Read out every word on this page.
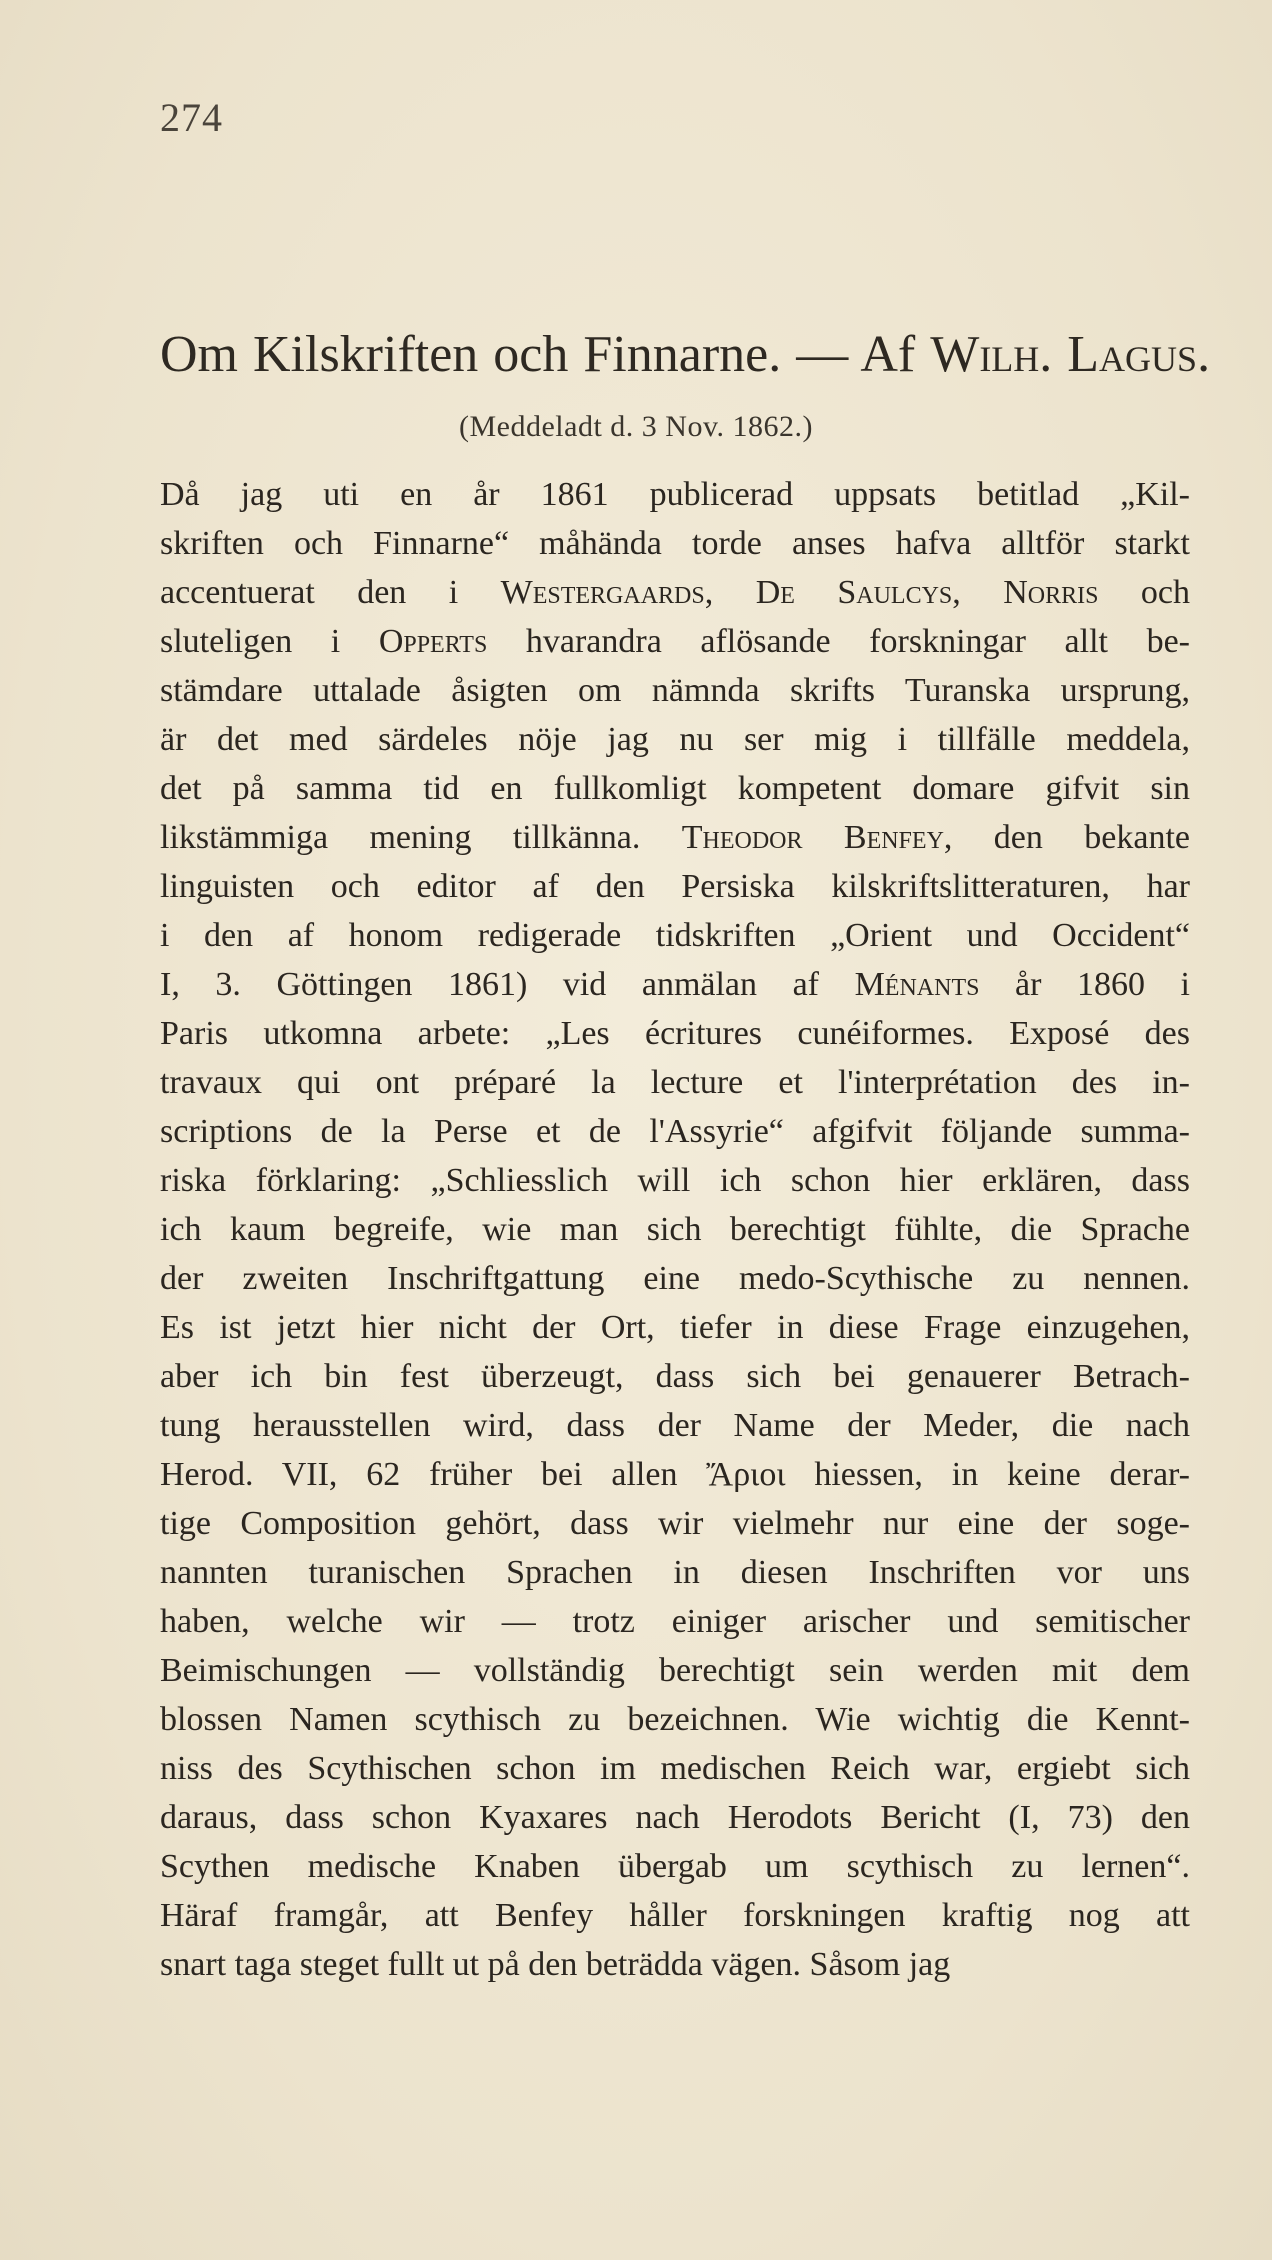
274
Om Kilskriften och Finnarne. — Af Wilh. Lagus.
(Meddeladt d. 3 Nov. 1862.)
Då jag uti en år 1861 publicerad uppsats betitlad „Kil-
skriften och Finnarne“ måhända torde anses hafva alltför starkt
accentuerat den i Westergaards, De Saulcys, Norris och
sluteligen i Opperts hvarandra aflösande forskningar allt be-
stämdare uttalade åsigten om nämnda skrifts Turanska ursprung,
är det med särdeles nöje jag nu ser mig i tillfälle meddela,
det på samma tid en fullkomligt kompetent domare gifvit sin
likstämmiga mening tillkänna. Theodor Benfey, den bekante
linguisten och editor af den Persiska kilskriftslitteraturen, har
i den af honom redigerade tidskriften „Orient und Occident“
I, 3. Göttingen 1861) vid anmälan af Ménants år 1860 i
Paris utkomna arbete: „Les écritures cunéiformes. Exposé des
travaux qui ont préparé la lecture et l'interprétation des in-
scriptions de la Perse et de l'Assyrie“ afgifvit följande summa-
riska förklaring: „Schliesslich will ich schon hier erklären, dass
ich kaum begreife, wie man sich berechtigt fühlte, die Sprache
der zweiten Inschriftgattung eine medo-Scythische zu nennen.
Es ist jetzt hier nicht der Ort, tiefer in diese Frage einzugehen,
aber ich bin fest überzeugt, dass sich bei genauerer Betrach-
tung herausstellen wird, dass der Name der Meder, die nach
Herod. VII, 62 früher bei allen Ἄριοι hiessen, in keine derar-
tige Composition gehört, dass wir vielmehr nur eine der soge-
nannten turanischen Sprachen in diesen Inschriften vor uns
haben, welche wir — trotz einiger arischer und semitischer
Beimischungen — vollständig berechtigt sein werden mit dem
blossen Namen scythisch zu bezeichnen. Wie wichtig die Kennt-
niss des Scythischen schon im medischen Reich war, ergiebt sich
daraus, dass schon Kyaxares nach Herodots Bericht (I, 73) den
Scythen medische Knaben übergab um scythisch zu lernen“.
Häraf framgår, att Benfey håller forskningen kraftig nog att
snart taga steget fullt ut på den beträdda vägen. Såsom jag
